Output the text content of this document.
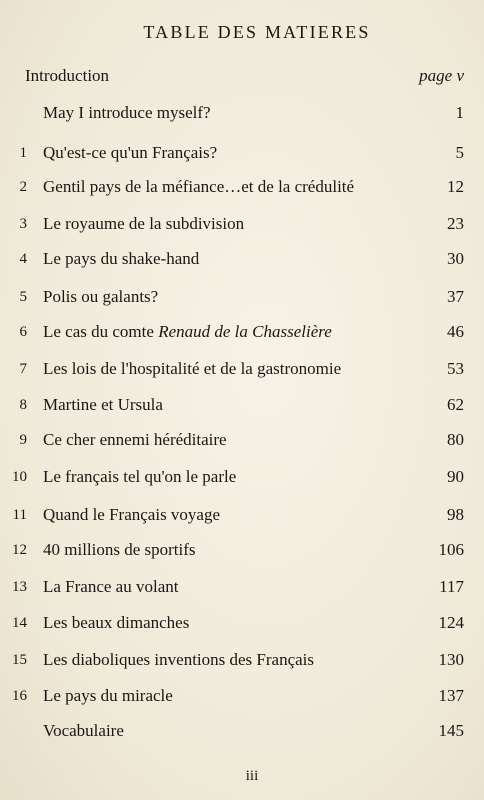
TABLE DES MATIERES
Introduction	page v
May I introduce myself?	1
1 Qu'est-ce qu'un Français?	5
2 Gentil pays de la méfiance…et de la crédulité	12
3 Le royaume de la subdivision	23
4 Le pays du shake-hand	30
5 Polis ou galants?	37
6 Le cas du comte Renaud de la Chasselière	46
7 Les lois de l'hospitalité et de la gastronomie	53
8 Martine et Ursula	62
9 Ce cher ennemi héréditaire	80
10 Le français tel qu'on le parle	90
11 Quand le Français voyage	98
12 40 millions de sportifs	106
13 La France au volant	117
14 Les beaux dimanches	124
15 Les diaboliques inventions des Français	130
16 Le pays du miracle	137
Vocabulaire	145
iii
